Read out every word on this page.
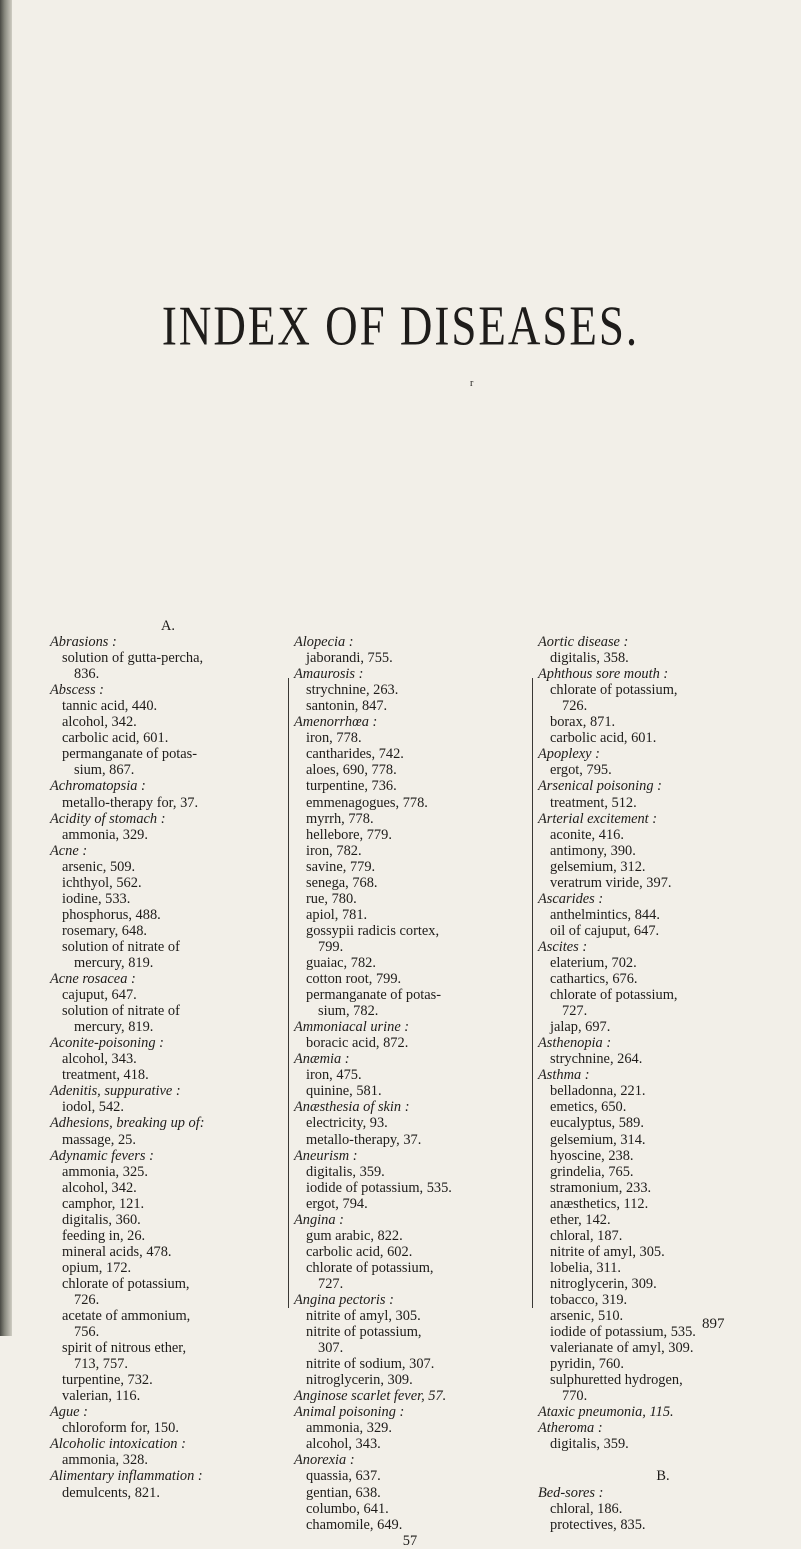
INDEX OF DISEASES.
r
A.
Abrasions :
solution of gutta-percha,
836.
Abscess :
tannic acid, 440.
alcohol, 342.
carbolic acid, 601.
permanganate of potas-
sium, 867.
Achromatopsia :
metallo-therapy for, 37.
Acidity of stomach :
ammonia, 329.
Acne :
arsenic, 509.
ichthyol, 562.
iodine, 533.
phosphorus, 488.
rosemary, 648.
solution of nitrate of
mercury, 819.
Acne rosacea :
cajuput, 647.
solution of nitrate of
mercury, 819.
Aconite-poisoning :
alcohol, 343.
treatment, 418.
Adenitis, suppurative :
iodol, 542.
Adhesions, breaking up of:
massage, 25.
Adynamic fevers :
ammonia, 325.
alcohol, 342.
camphor, 121.
digitalis, 360.
feeding in, 26.
mineral acids, 478.
opium, 172.
chlorate of potassium,
726.
acetate of ammonium,
756.
spirit of nitrous ether,
713, 757.
turpentine, 732.
valerian, 116.
Ague :
chloroform for, 150.
Alcoholic intoxication :
ammonia, 328.
Alimentary inflammation :
demulcents, 821.

Alopecia :
jaborandi, 755.
Amaurosis :
strychnine, 263.
santonin, 847.
Amenorrhœa :
iron, 778.
cantharides, 742.
aloes, 690, 778.
turpentine, 736.
emmenagogues, 778.
myrrh, 778.
hellebore, 779.
iron, 782.
savine, 779.
senega, 768.
rue, 780.
apiol, 781.
gossypii radicis cortex,
799.
guaiac, 782.
cotton root, 799.
permanganate of potas-
sium, 782.
Ammoniacal urine :
boracic acid, 872.
Anæmia :
iron, 475.
quinine, 581.
Anæsthesia of skin :
electricity, 93.
metallo-therapy, 37.
Aneurism :
digitalis, 359.
iodide of potassium, 535.
ergot, 794.
Angina :
gum arabic, 822.
carbolic acid, 602.
chlorate of potassium,
727.
Angina pectoris :
nitrite of amyl, 305.
nitrite of potassium,
307.
nitrite of sodium, 307.
nitroglycerin, 309.
Anginose scarlet fever, 57.
Animal poisoning :
ammonia, 329.
alcohol, 343.
Anorexia :
quassia, 637.
gentian, 638.
columbo, 641.
chamomile, 649.
57

Aortic disease :
digitalis, 358.
Aphthous sore mouth :
chlorate of potassium,
726.
borax, 871.
carbolic acid, 601.
Apoplexy :
ergot, 795.
Arsenical poisoning :
treatment, 512.
Arterial excitement :
aconite, 416.
antimony, 390.
gelsemium, 312.
veratrum viride, 397.
Ascarides :
anthelmintics, 844.
oil of cajuput, 647.
Ascites :
elaterium, 702.
cathartics, 676.
chlorate of potassium,
727.
jalap, 697.
Asthenopia :
strychnine, 264.
Asthma :
belladonna, 221.
emetics, 650.
eucalyptus, 589.
gelsemium, 314.
hyoscine, 238.
grindelia, 765.
stramonium, 233.
anæsthetics, 112.
ether, 142.
chloral, 187.
nitrite of amyl, 305.
lobelia, 311.
nitroglycerin, 309.
tobacco, 319.
arsenic, 510.
iodide of potassium, 535.
valerianate of amyl, 309.
pyridin, 760.
sulphuretted hydrogen,
770.
Ataxic pneumonia, 115.
Atheroma :
digitalis, 359.

B.
Bed-sores :
chloral, 186.
protectives, 835.
897
